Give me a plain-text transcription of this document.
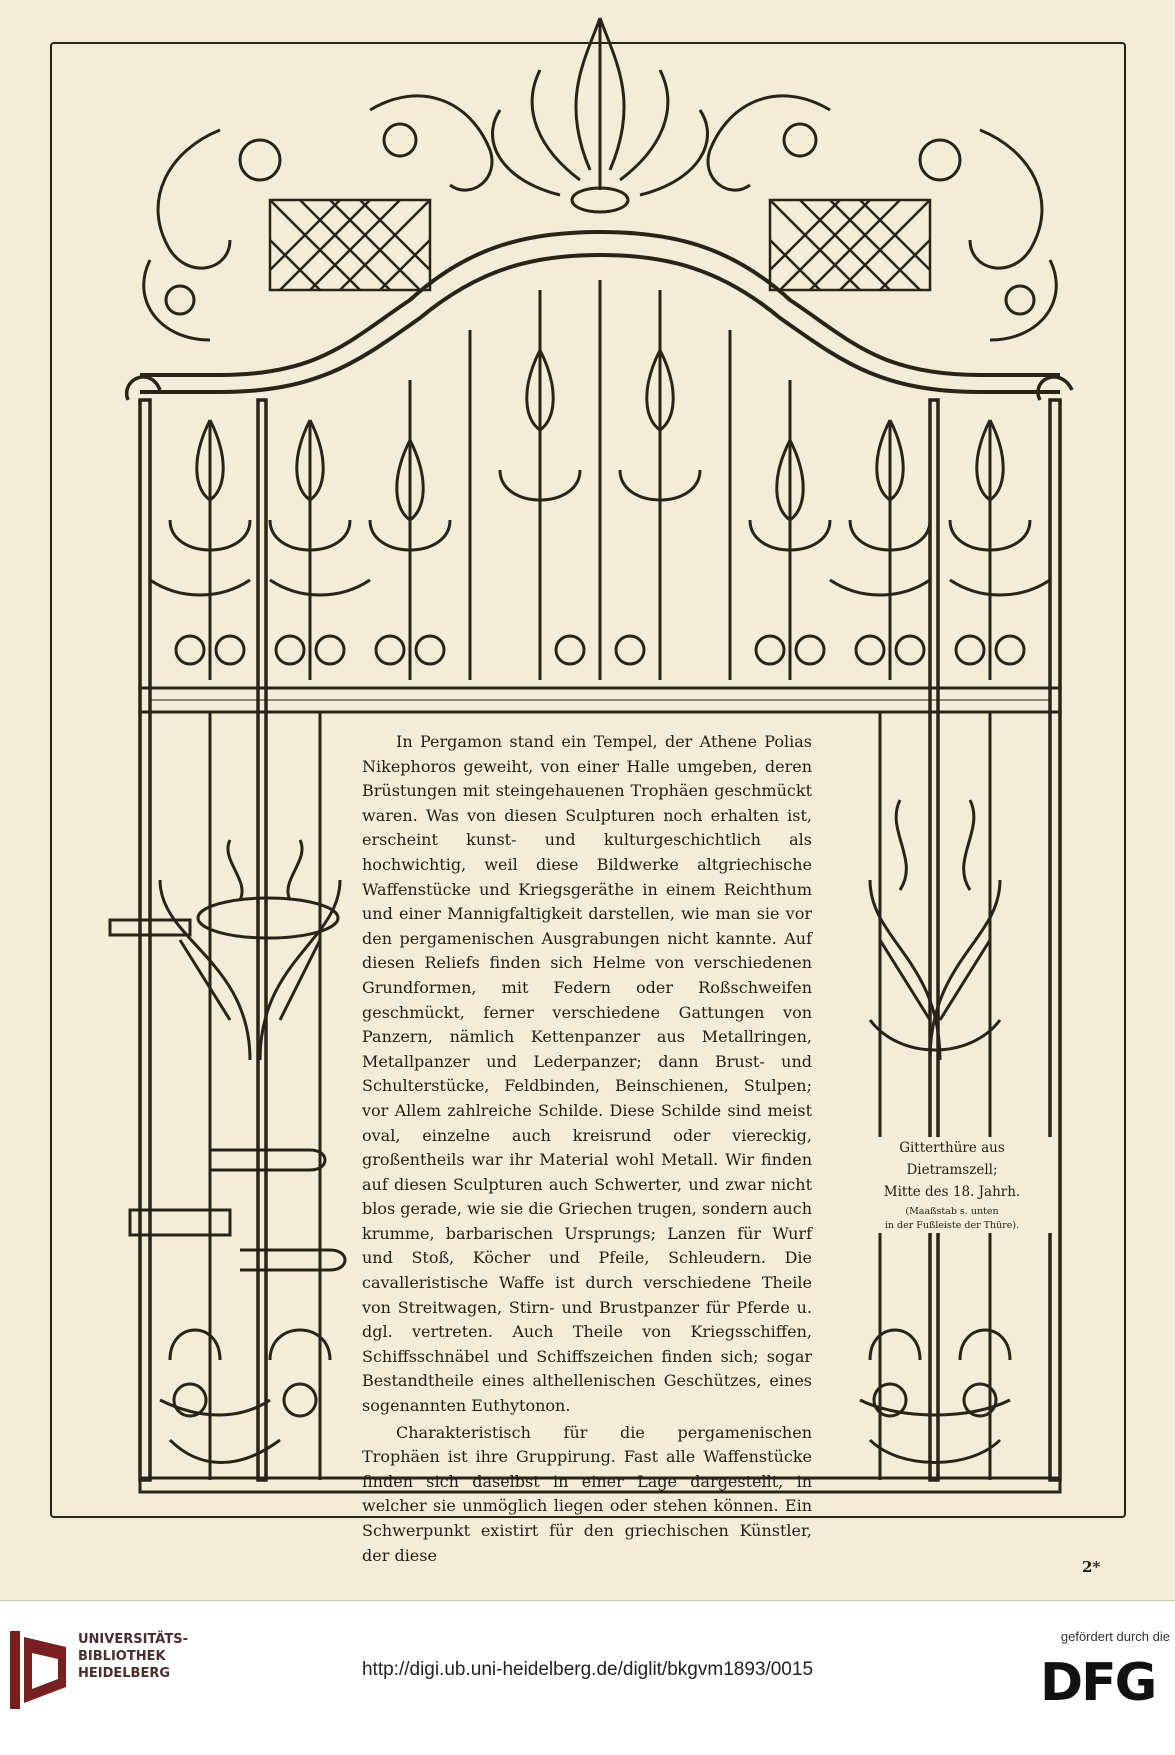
In Pergamon stand ein Tempel, der Athene Polias Nikephoros geweiht, von einer Halle umgeben, deren Brüstungen mit steingehauenen Trophäen geschmückt waren. Was von diesen Sculpturen noch erhalten ist, erscheint kunst- und kulturgeschichtlich als hochwichtig, weil diese Bildwerke altgriechische Waffenstücke und Kriegsgeräthe in einem Reichthum und einer Mannigfaltigkeit darstellen, wie man sie vor den pergamenischen Ausgrabungen nicht kannte. Auf diesen Reliefs finden sich Helme von verschiedenen Grundformen, mit Federn oder Roßschweifen geschmückt, ferner verschiedene Gattungen von Panzern, nämlich Kettenpanzer aus Metallringen, Metallpanzer und Lederpanzer; dann Brust- und Schulterstücke, Feldbinden, Beinschienen, Stulpen; vor Allem zahlreiche Schilde. Diese Schilde sind meist oval, einzelne auch kreisrund oder viereckig, großentheils war ihr Material wohl Metall. Wir finden auf diesen Sculpturen auch Schwerter, und zwar nicht blos gerade, wie sie die Griechen trugen, sondern auch krumme, barbarischen Ursprungs; Lanzen für Wurf und Stoß, Köcher und Pfeile, Schleudern. Die cavalleristische Waffe ist durch verschiedene Theile von Streitwagen, Stirn- und Brustpanzer für Pferde u. dgl. vertreten. Auch Theile von Kriegsschiffen, Schiffsschnäbel und Schiffszeichen finden sich; sogar Bestandtheile eines althellenischen Geschützes, eines sogenannten Euthytonon.

Charakteristisch für die pergamenischen Trophäen ist ihre Gruppirung. Fast alle Waffenstücke finden sich daselbst in einer Lage dargestellt, in welcher sie unmöglich liegen oder stehen können. Ein Schwerpunkt existirt für den griechischen Künstler, der diese

Gitterthüre aus
Dietramszell;
Mitte des 18. Jahrh.
(Maaßstab s. unten
in der Fußleiste der Thüre).
2*
UNIVERSITÄTS-
BIBLIOTHEK
HEIDELBERG	http://digi.ub.uni-heidelberg.de/diglit/bkgvm1893/0015
gefördert durch die
DFG
